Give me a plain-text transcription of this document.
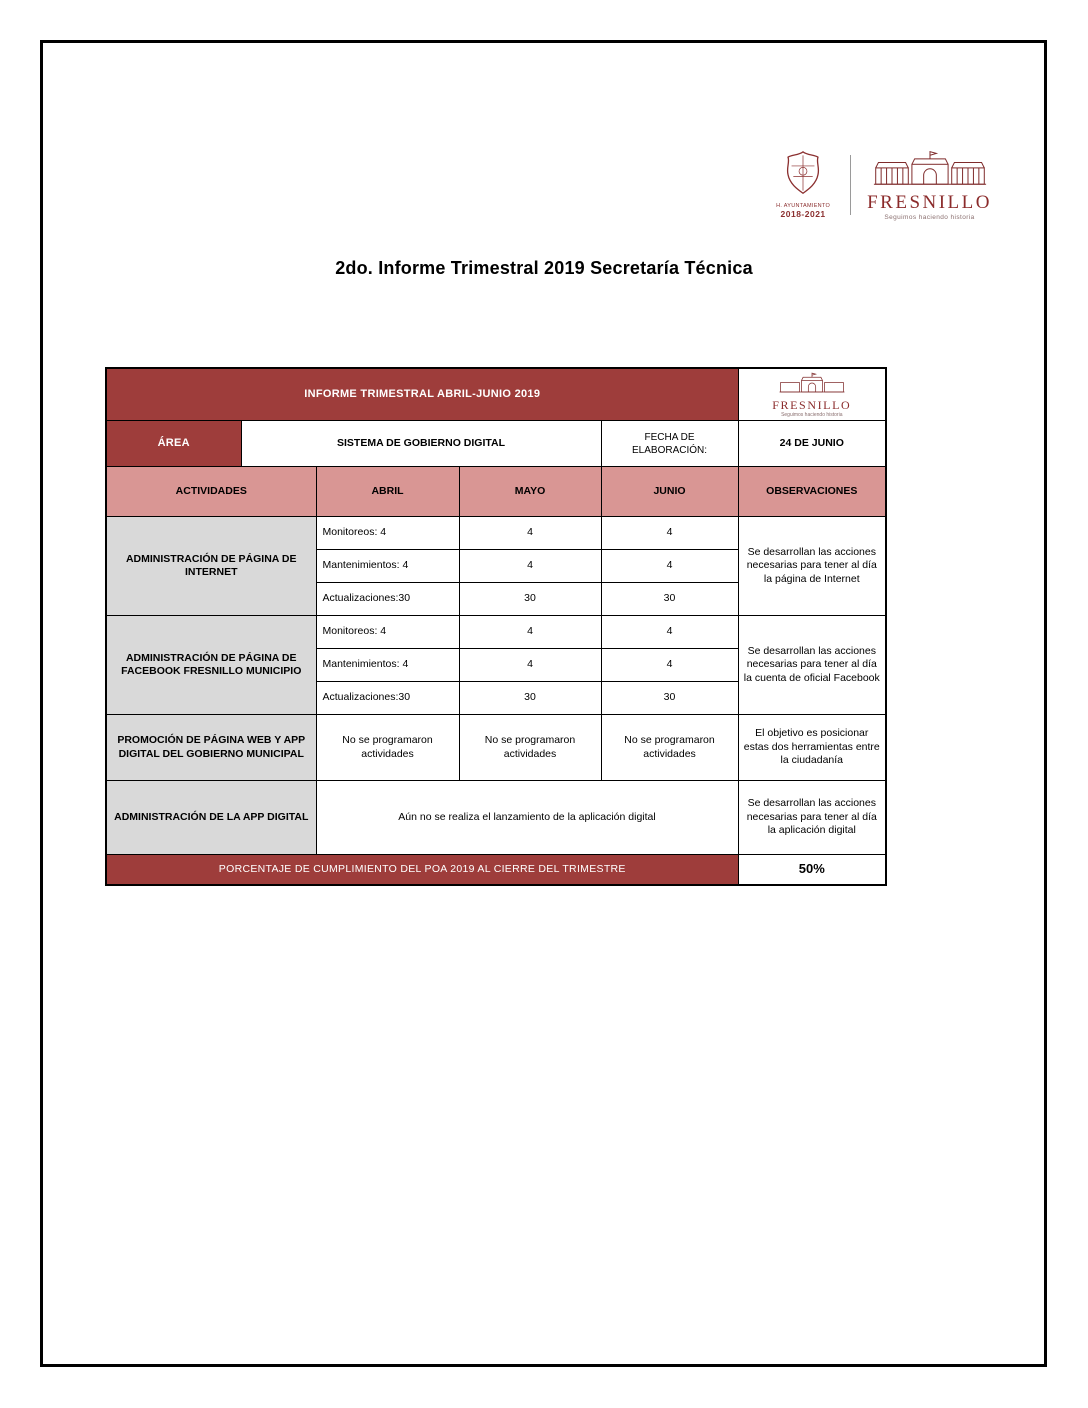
H. AYUNTAMIENTO
2018-2021
FRESNILLO
Seguimos haciendo historia
2do. Informe Trimestral 2019 Secretaría Técnica
INFORME TRIMESTRAL ABRIL-JUNIO 2019					FRESNILLO
Seguimos haciendo historia

ÁREA	SISTEMA DE GOBIERNO DIGITAL			FECHA DE ELABORACIÓN:	24 DE JUNIO
ACTIVIDADES		ABRIL	MAYO	JUNIO	OBSERVACIONES
ADMINISTRACIÓN DE PÁGINA DE INTERNET		Monitoreos: 4	4	4	Se desarrollan las acciones necesarias para tener al día la página de Internet
		Mantenimientos: 4	4	4	
		Actualizaciones:30	30	30	
ADMINISTRACIÓN DE PÁGINA DE FACEBOOK FRESNILLO MUNICIPIO		Monitoreos: 4	4	4	Se desarrollan las acciones necesarias para tener al día la cuenta de oficial Facebook
		Mantenimientos: 4	4	4	
		Actualizaciones:30	30	30	
PROMOCIÓN DE PÁGINA WEB Y APP DIGITAL DEL GOBIERNO MUNICIPAL		No se programaron actividades	No se programaron actividades	No se programaron actividades	El objetivo es posicionar estas dos herramientas entre la ciudadanía
ADMINISTRACIÓN DE LA APP DIGITAL		Aún no se realiza el lanzamiento de la aplicación digital			Se desarrollan las acciones necesarias para tener al día la aplicación digital
PORCENTAJE DE CUMPLIMIENTO DEL POA 2019 AL CIERRE DEL TRIMESTRE					50%
